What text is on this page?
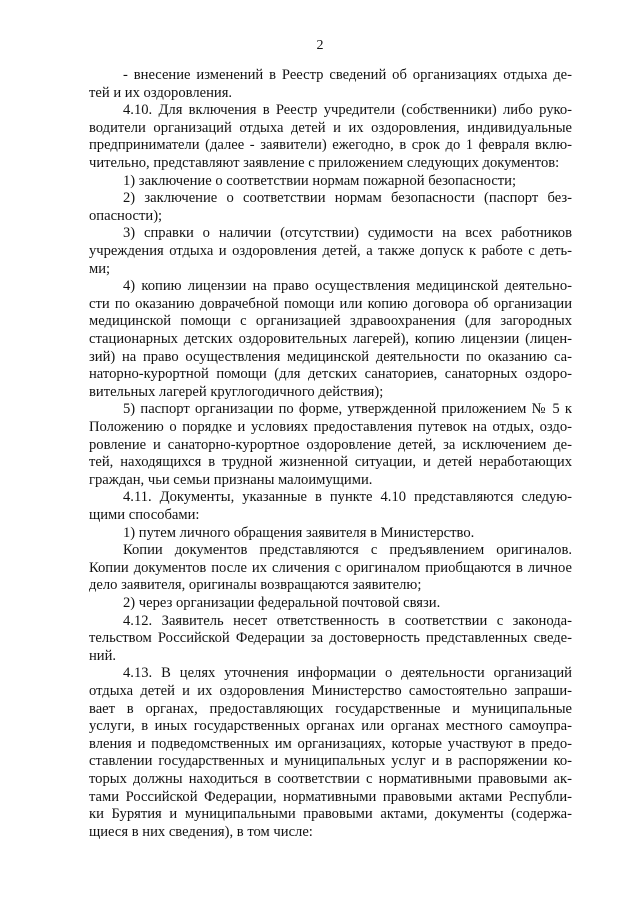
2
- внесение изменений в Реестр сведений об организациях отдыха де-
тей и их оздоровления.
4.10. Для включения в Реестр учредители (собственники) либо руко-
водители организаций отдыха детей и их оздоровления, индивидуальные
предприниматели (далее - заявители) ежегодно, в срок до 1 февраля вклю-
чительно, представляют заявление с приложением следующих документов:
1) заключение о соответствии нормам пожарной безопасности;
2) заключение о соответствии нормам безопасности (паспорт без-
опасности);
3) справки о наличии (отсутствии) судимости на всех работников
учреждения отдыха и оздоровления детей, а также допуск к работе с деть-
ми;
4) копию лицензии на право осуществления медицинской деятельно-
сти по оказанию доврачебной помощи или копию договора об организации
медицинской помощи с организацией здравоохранения (для загородных
стационарных детских оздоровительных лагерей), копию лицензии (лицен-
зий) на право осуществления медицинской деятельности по оказанию са-
наторно-курортной помощи (для детских санаториев, санаторных оздоро-
вительных лагерей круглогодичного действия);
5) паспорт организации по форме, утвержденной приложением № 5 к
Положению о порядке и условиях предоставления путевок на отдых, оздо-
ровление и санаторно-курортное оздоровление детей, за исключением де-
тей, находящихся в трудной жизненной ситуации, и детей неработающих
граждан, чьи семьи признаны малоимущими.
4.11. Документы, указанные в пункте 4.10 представляются следую-
щими способами:
1) путем личного обращения заявителя в Министерство.
Копии документов представляются с предъявлением оригиналов.
Копии документов после их сличения с оригиналом приобщаются в личное
дело заявителя, оригиналы возвращаются заявителю;
2) через организации федеральной почтовой связи.
4.12. Заявитель несет ответственность в соответствии с законода-
тельством Российской Федерации за достоверность представленных сведе-
ний.
4.13. В целях уточнения информации о деятельности организаций
отдыха детей и их оздоровления Министерство самостоятельно запраши-
вает в органах, предоставляющих государственные и муниципальные
услуги, в иных государственных органах или органах местного самоупра-
вления и подведомственных им организациях, которые участвуют в предо-
ставлении государственных и муниципальных услуг и в распоряжении ко-
торых должны находиться в соответствии с нормативными правовыми ак-
тами Российской Федерации, нормативными правовыми актами Республи-
ки Бурятия и муниципальными правовыми актами, документы (содержа-
щиеся в них сведения), в том числе:
